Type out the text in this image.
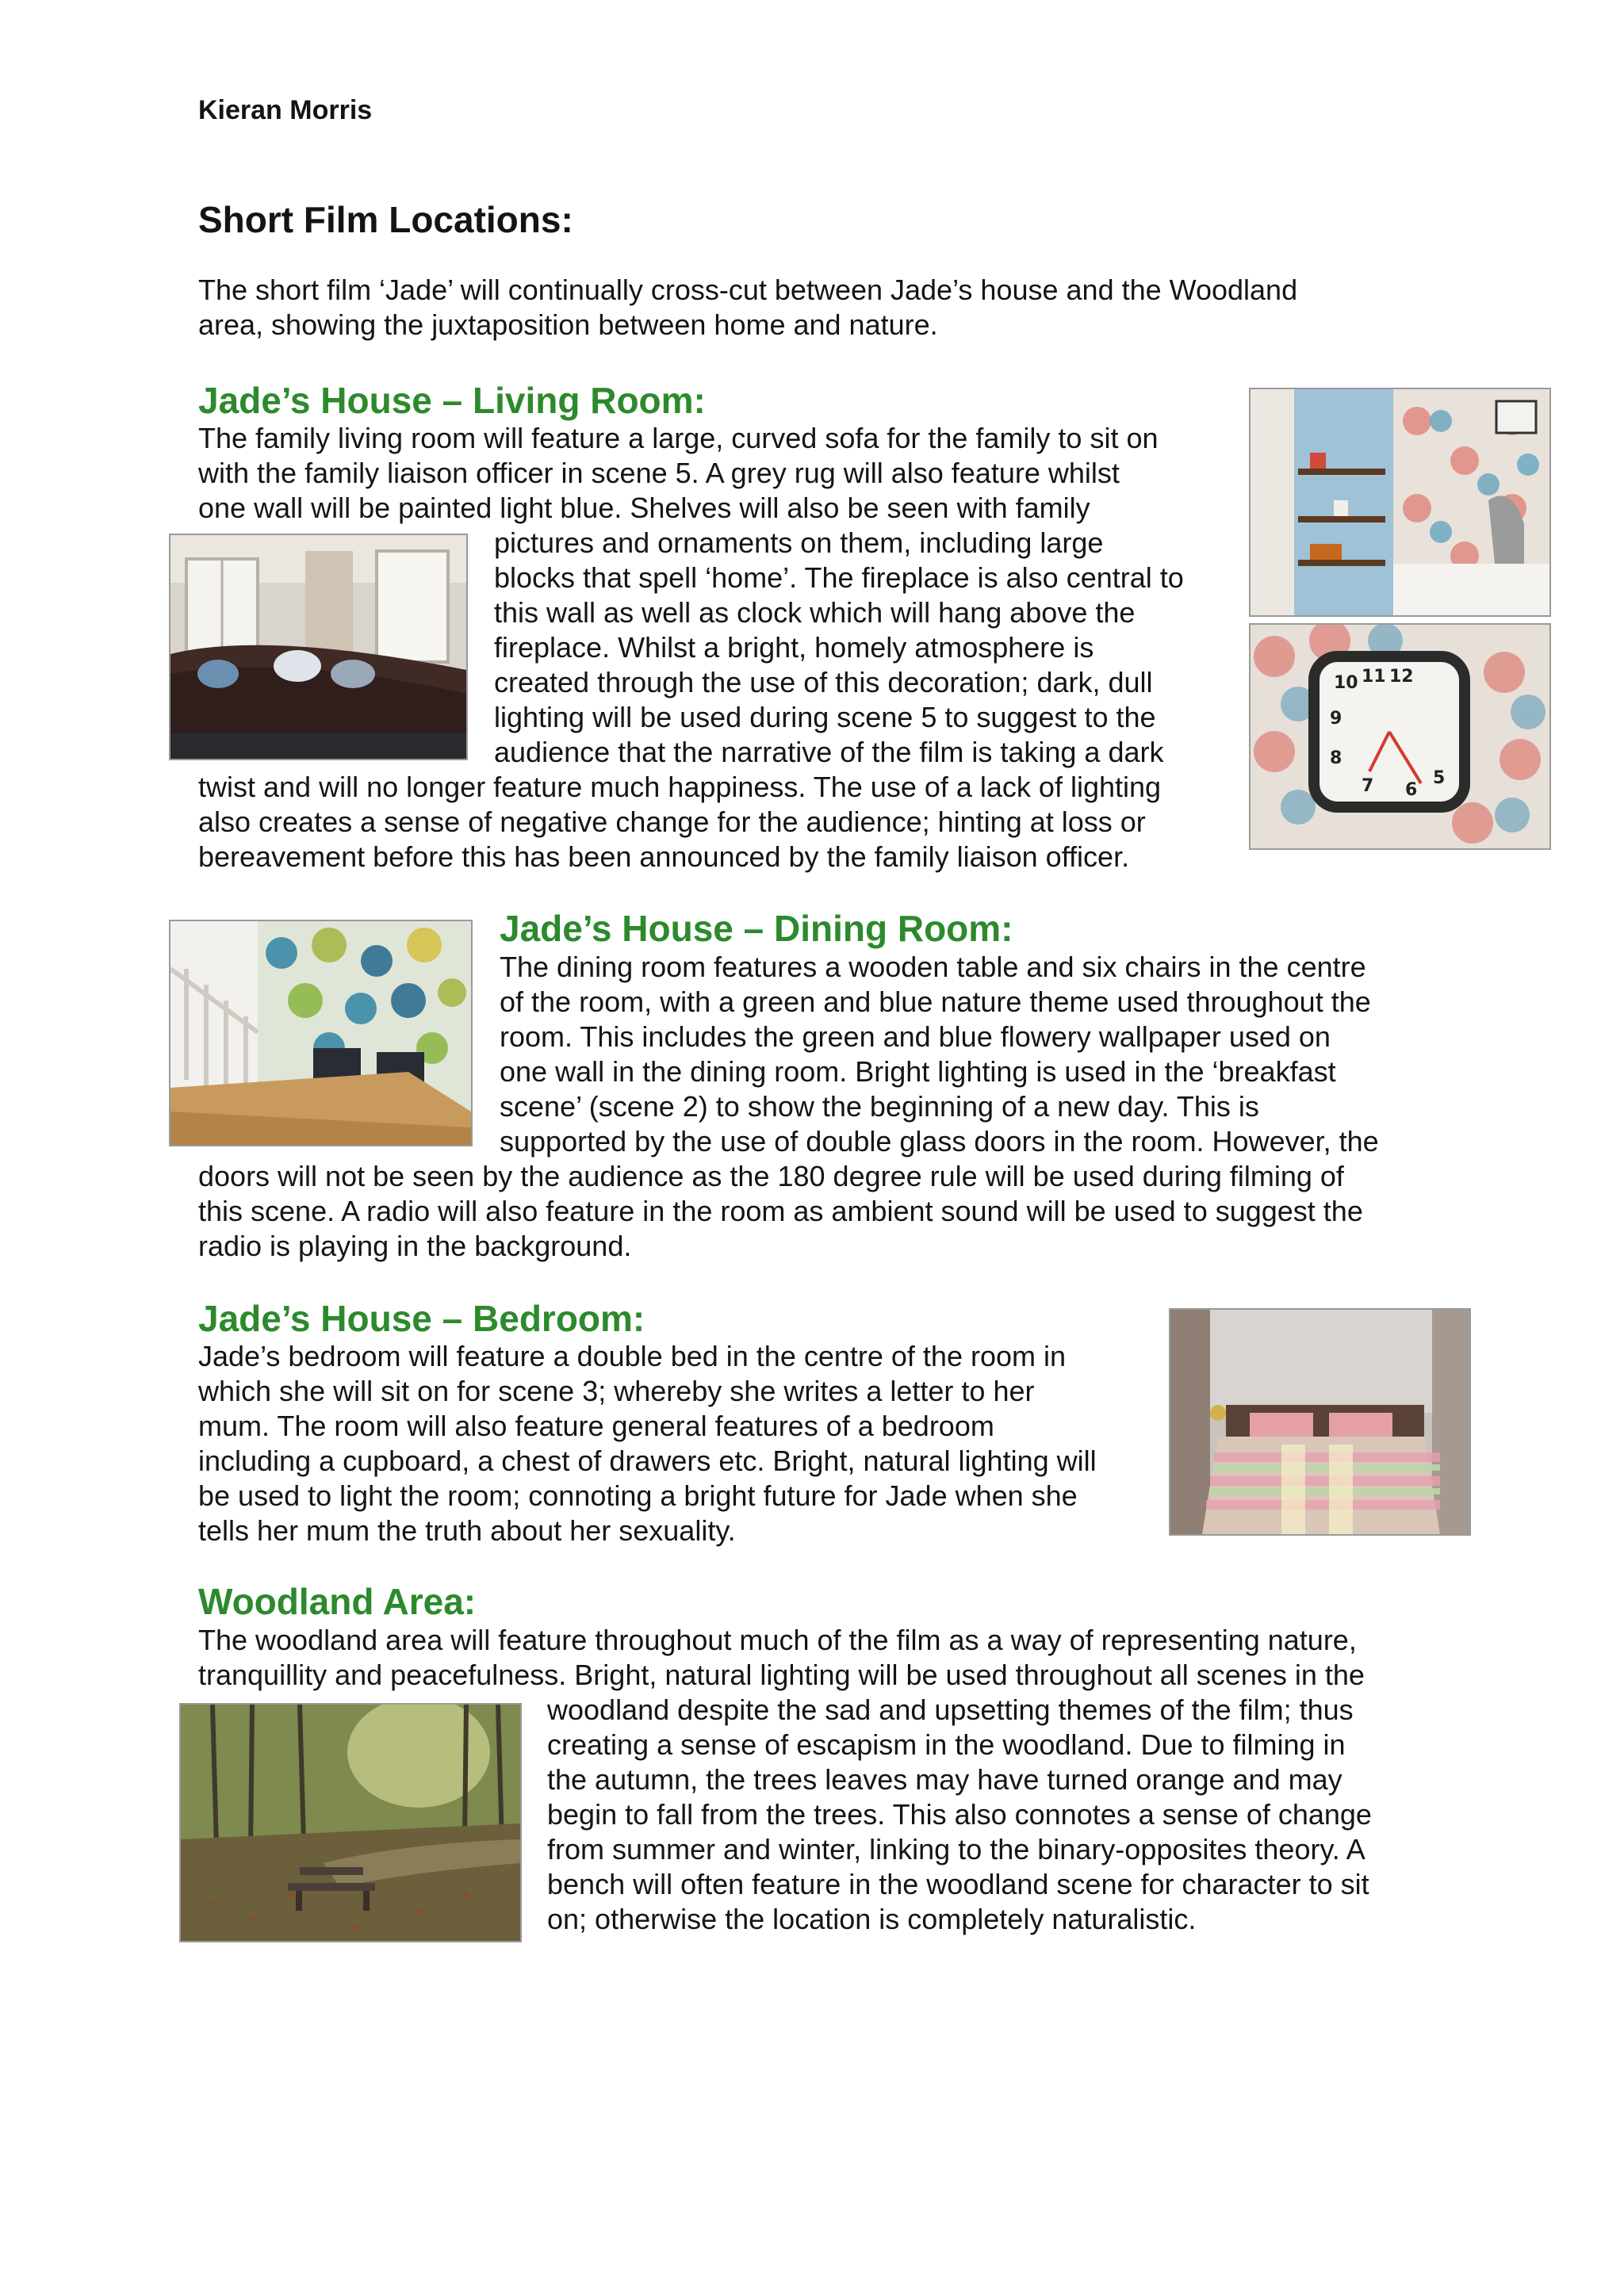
Kieran Morris
Short Film Locations:
The short film ‘Jade’ will continually cross-cut between Jade’s house and the Woodland
area, showing the juxtaposition between home and nature.
Jade’s House – Living Room:
The family living room will feature a large, curved sofa for the family to sit on
with the family liaison officer in scene 5. A grey rug will also feature whilst
one wall will be painted light blue. Shelves will also be seen with family
pictures and ornaments on them, including large
blocks that spell ‘home’. The fireplace is also central to
this wall as well as clock which will hang above the
fireplace. Whilst a bright, homely atmosphere is
created through the use of this decoration; dark, dull
lighting will be used during scene 5 to suggest to the
audience that the narrative of the film is taking a dark
twist and will no longer feature much happiness. The use of a lack of lighting
also creates a sense of negative change for the audience; hinting at loss or
bereavement before this has been announced by the family liaison officer.
10 11 12
9
8
7 6
5
Jade’s House – Dining Room:
The dining room features a wooden table and six chairs in the centre
of the room, with a green and blue nature theme used throughout the
room. This includes the green and blue flowery wallpaper used on
one wall in the dining room. Bright lighting is used in the ‘breakfast
scene’ (scene 2) to show the beginning of a new day. This is
supported by the use of double glass doors in the room. However, the
doors will not be seen by the audience as the 180 degree rule will be used during filming of
this scene. A radio will also feature in the room as ambient sound will be used to suggest the
radio is playing in the background.
Jade’s House – Bedroom:
Jade’s bedroom will feature a double bed in the centre of the room in
which she will sit on for scene 3; whereby she writes a letter to her
mum. The room will also feature general features of a bedroom
including a cupboard, a chest of drawers etc. Bright, natural lighting will
be used to light the room; connoting a bright future for Jade when she
tells her mum the truth about her sexuality.
Woodland Area:
The woodland area will feature throughout much of the film as a way of representing nature,
tranquillity and peacefulness. Bright, natural lighting will be used throughout all scenes in the
woodland despite the sad and upsetting themes of the film; thus
creating a sense of escapism in the woodland. Due to filming in
the autumn, the trees leaves may have turned orange and may
begin to fall from the trees. This also connotes a sense of change
from summer and winter, linking to the binary-opposites theory. A
bench will often feature in the woodland scene for character to sit
on; otherwise the location is completely naturalistic.
